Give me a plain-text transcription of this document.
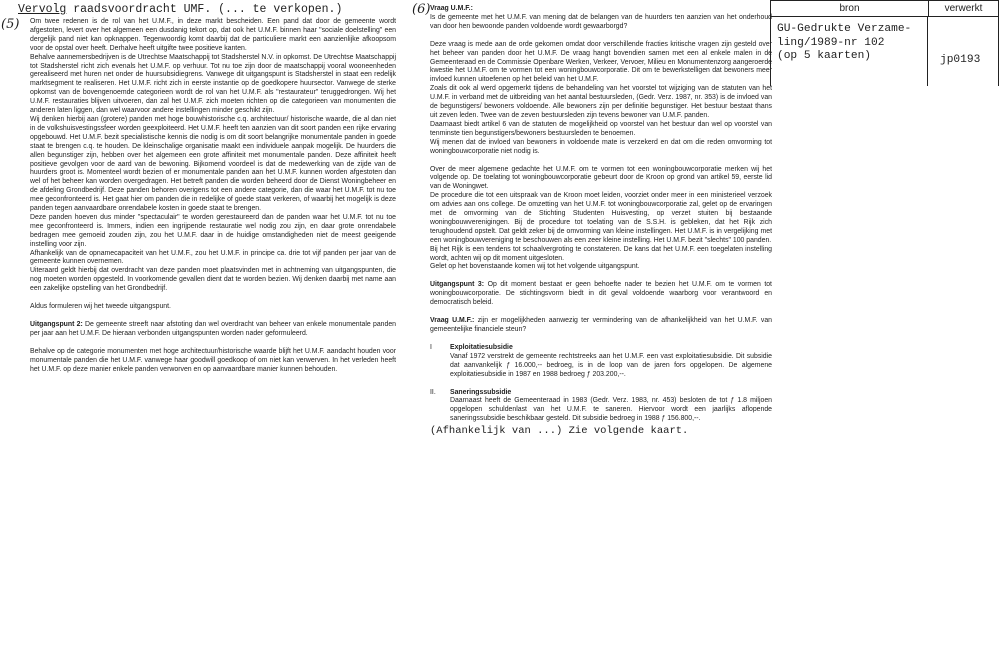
Vervolg raadsvoordracht UMF. (... te verkopen.)
(5)
(6)

Om twee redenen is de rol van het U.M.F., in deze markt bescheiden. Een pand dat door de gemeente wordt afgestoten, levert over het algemeen een dusdanig tekort op, dat ook het U.M.F. binnen haar "sociale doelstelling" een dergelijk pand niet kan opknappen. Tegenwoordig komt daarbij dat de particuliere markt een aanzienlijke afkoopsom voor de opstal over heeft. Derhalve heeft uitgifte twee positieve kanten.

Behalve aannemersbedrijven is de Utrechtse Maatschappij tot Stadsherstel N.V. in opkomst. De Utrechtse Maatschappij tot Stadsherstel richt zich evenals het U.M.F. op verhuur. Tot nu toe zijn door de maatschappij vooral wooneenheden gerealiseerd met huren net onder de huursubsidiegrens. Vanwege dit uitgangspunt is Stadsherstel in staat een redelijk marktsegment te realiseren. Het U.M.F. richt zich in eerste instantie op de goedkopere huursector. Vanwege de sterke opkomst van de bovengenoemde categorieen wordt de rol van het U.M.F. als "restaurateur" teruggedrongen. Wij het U.M.F. restauraties blijven uitvoeren, dan zal het U.M.F. zich moeten richten op die categorieen van monumenten die anderen laten liggen, dan wel waarvoor andere instellingen minder geschikt zijn.

Wij denken hierbij aan (grotere) panden met hoge bouwhistorische c.q. architectuur/ historische waarde, die al dan niet in de volkshuisvestingssfeer worden geexploiteerd. Het U.M.F. heeft ten aanzien van dit soort panden een rijke ervaring opgebouwd. Het U.M.F. bezit specialistische kennis die nodig is om dit soort belangrijke monumentale panden in goede staat te brengen c.q. te houden. De kleinschalige organisatie maakt een individuele aanpak mogelijk. De huurders die allen begunstiger zijn, hebben over het algemeen een grote affiniteit met monumentale panden. Deze affiniteit heeft positieve gevolgen voor de aard van de bewoning. Bijkomend voordeel is dat de medewerking van de zijde van de huurders groot is. Momenteel wordt bezien of er monumentale panden aan het U.M.F. kunnen worden afgestoten dan wel of het beheer kan worden overgedragen. Het betreft panden die worden beheerd door de Dienst Woningbeheer en de afdeling Grondbedrijf. Deze panden behoren overigens tot een andere categorie, dan die waar het U.M.F. tot nu toe mee geconfronteerd is. Het gaat hier om panden die in redelijke of goede staat verkeren, of waarbij het mogelijk is deze panden tegen aanvaardbare onrendabele kosten in goede staat te brengen.

Deze panden hoeven dus minder "spectaculair" te worden gerestaureerd dan de panden waar het U.M.F. tot nu toe mee geconfronteerd is. Immers, indien een ingrijpende restauratie wel nodig zou zijn, en daar grote onrendabele bedragen mee gemoeid zouden zijn, zou het U.M.F. daar in de huidige omstandigheden niet de meest geeigende instelling voor zijn.

Afhankelijk van de opnamecapaciteit van het U.M.F., zou het U.M.F. in principe ca. drie tot vijf panden per jaar van de gemeente kunnen overnemen.

Uiteraard geldt hierbij dat overdracht van deze panden moet plaatsvinden met in achtneming van uitgangspunten, die nog moeten worden opgesteld. In voorkomende gevallen dient dat te worden bezien. Wij denken daarbij met name aan een zakelijke opstelling van het Grondbedrijf.

Aldus formuleren wij het tweede uitgangspunt.

Uitgangspunt 2: De gemeente streeft naar afstoting dan wel overdracht van beheer van enkele monumentale panden per jaar aan het U.M.F. De hieraan verbonden uitgangspunten worden nader geformuleerd.

Behalve op de categorie monumenten met hoge architectuur/historische waarde blijft het U.M.F. aandacht houden voor monumentale panden die het U.M.F. vanwege haar goodwill goedkoop of om niet kan verwerven. In het verleden heeft het U.M.F. op deze manier enkele panden verworven en op aanvaardbare manier kunnen behouden.

Vraag U.M.F.:

Is de gemeente met het U.M.F. van mening dat de belangen van de huurders ten aanzien van het onderhoud van door hen bewoonde panden voldoende wordt gewaarborgd?

Deze vraag is mede aan de orde gekomen omdat door verschillende fracties kritische vragen zijn gesteld over het beheer van panden door het U.M.F. De vraag hangt bovendien samen met een al enkele malen in de Gemeenteraad en de Commissie Openbare Werken, Verkeer, Vervoer, Milieu en Monumentenzorg aangeroerde kwestie het U.M.F. om te vormen tot een woningbouwcorporatie. Dit om te bewerkstelligen dat bewoners meer invloed kunnen uitoefenen op het beleid van het U.M.F.

Zoals dit ook al werd opgemerkt tijdens de behandeling van het voorstel tot wijziging van de statuten van het U.M.F. in verband met de uitbreiding van het aantal bestuursleden, (Gedr. Verz. 1987, nr. 353) is de invloed van de begunstigers/ bewoners voldoende. Alle bewoners zijn per definitie begunstiger. Het bestuur bestaat thans uit zeven leden. Twee van de zeven bestuursleden zijn tevens bewoner van U.M.F. panden.

Daarnaast biedt artikel 6 van de statuten de mogelijkheid op voorstel van het bestuur dan wel op voorstel van tenminste tien begunstigers/bewoners bestuursleden te benoemen.

Wij menen dat de invloed van bewoners in voldoende mate is verzekerd en dat om die reden omvorming tot woningbouwcorporatie niet nodig is.

Over de meer algemene gedachte het U.M.F. om te vormen tot een woningbouwcorporatie merken wij het volgende op. De toelating tot woningbouwcorporatie gebeurt door de Kroon op grond van artikel 59, eerste lid van de Woningwet.

De procedure die tot een uitspraak van de Kroon moet leiden, voorziet onder meer in een ministerieel verzoek om advies aan ons college. De omzetting van het U.M.F. tot woningbouwcorporatie zal, gelet op de ervaringen met de omvorming van de Stichting Studenten Huisvesting, op verzet stuiten bij bestaande woningbouwverenigingen. Bij de procedure tot toelating van de S.S.H. is gebleken, dat het Rijk zich terughoudend opstelt. Dat geldt zeker bij de omvorming van kleine instellingen. Het U.M.F. is in vergelijking met een woningbouwvereniging te beschouwen als een zeer kleine instelling. Het U.M.F. bezit "slechts" 100 panden.

Bij het Rijk is een tendens tot schaalvergroting te constateren. De kans dat het U.M.F. een toegelaten instelling wordt, achten wij op dit moment uitgesloten.

Gelet op het bovenstaande komen wij tot het volgende uitgangspunt.

Uitgangspunt 3: Op dit moment bestaat er geen behoefte nader te bezien het U.M.F. om te vormen tot woningbouwcorporatie. De stichtingsvorm biedt in dit geval voldoende waarborg voor verantwoord en democratisch beleid.

Vraag U.M.F.: zijn er mogelijkheden aanwezig ter vermindering van de afhankelijkheid van het U.M.F. van gemeentelijke financiele steun?

I	Exploitatiesubsidie
Vanaf 1972 verstrekt de gemeente rechtstreeks aan het U.M.F. een vast exploitatiesubsidie. Dit subsidie dat aanvankelijk ƒ 16.000,-- bedroeg, is in de loop van de jaren fors opgelopen. De algemene exploitatiesubsidie in 1987 en 1988 bedroeg ƒ 203.200,--.
II.	Saneringssubsidie
Daarnaast heeft de Gemeenteraad in 1983 (Gedr. Verz. 1983, nr. 453) besloten de tot ƒ 1.8 miljoen opgelopen schuldenlast van het U.M.F. te saneren. Hiervoor wordt een jaarlijks aflopende saneringssubsidie beschikbaar gesteld. Dit subsidie bedroeg in 1988 ƒ 156.800,--.

(Afhankelijk van ...) Zie volgende kaart.

bron	verwerkt
GU-Gedrukte Verzame-
ling/1989-nr 102
(op 5 kaarten)	jp0193
